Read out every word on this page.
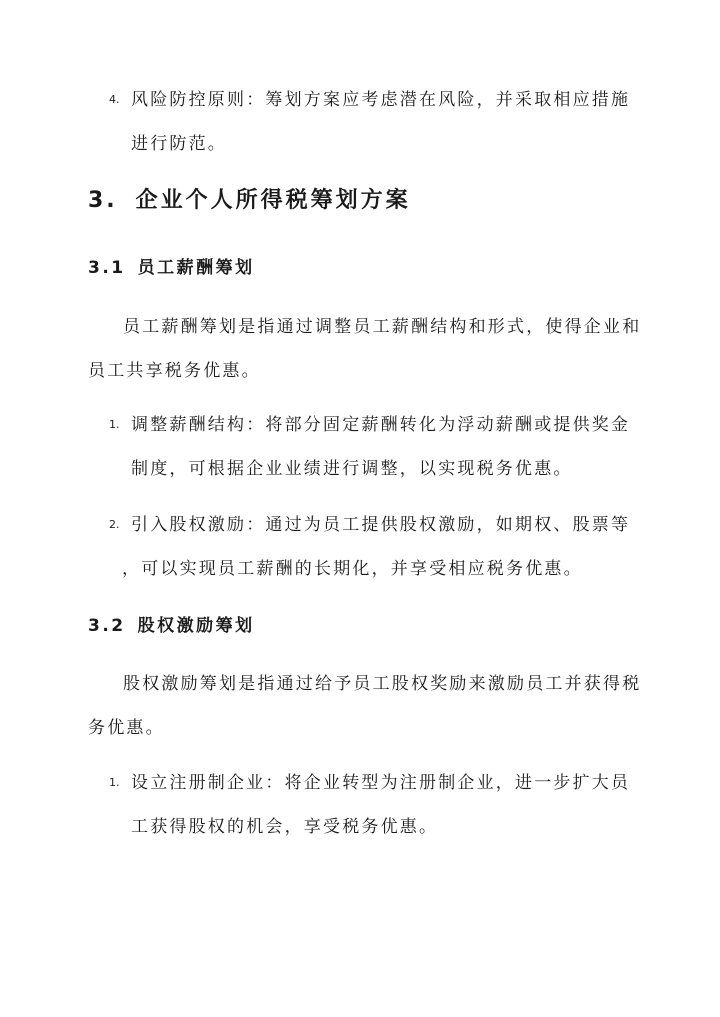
4. 风险防控原则：筹划方案应考虑潜在风险，并采取相应措施
进行防范。
3. 企业个人所得税筹划方案
3.1 员工薪酬筹划
员工薪酬筹划是指通过调整员工薪酬结构和形式，使得企业和
员工共享税务优惠。
1. 调整薪酬结构：将部分固定薪酬转化为浮动薪酬或提供奖金
制度，可根据企业业绩进行调整，以实现税务优惠。
2. 引入股权激励：通过为员工提供股权激励，如期权、股票等
，可以实现员工薪酬的长期化，并享受相应税务优惠。
3.2 股权激励筹划
股权激励筹划是指通过给予员工股权奖励来激励员工并获得税
务优惠。
1. 设立注册制企业：将企业转型为注册制企业，进一步扩大员
工获得股权的机会，享受税务优惠。
